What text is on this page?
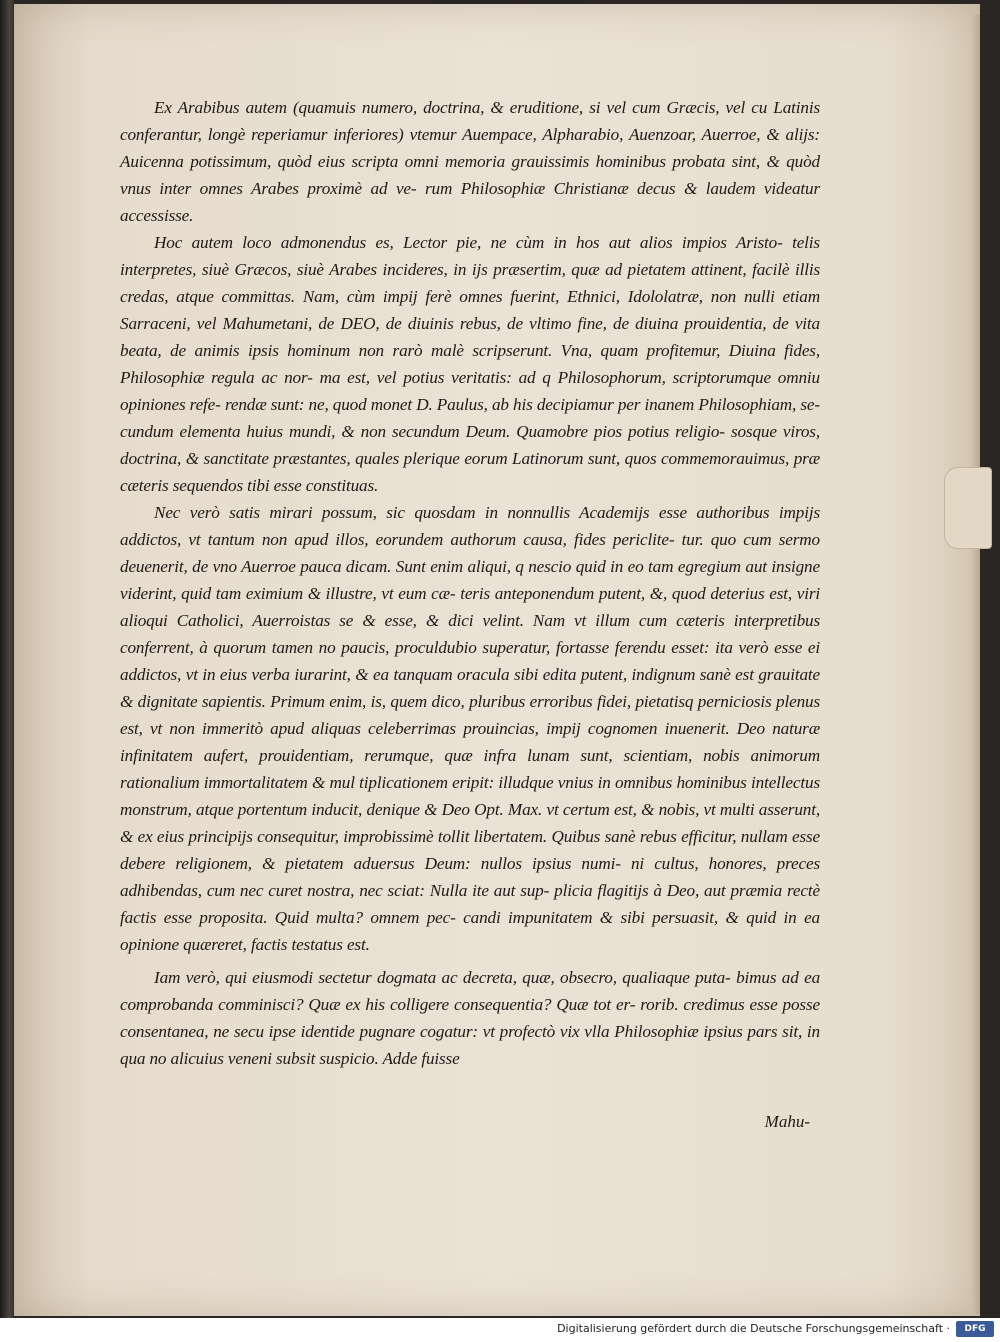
Ex Arabibus autem (quamuis numero, doctrina, & eruditione, si vel cum Græcis, vel cu Latinis conferantur, longè reperiamur inferiores) vtemur Auempace, Alpharabio, Auenzoar, Auerroe, & alijs: Auicenna potissimum, quòd eius scripta omni memoria grauissimis hominibus probata sint, & quòd vnus inter omnes Arabes proximè ad ve- rum Philosophiæ Christianæ decus & laudem videatur accessisse.

Hoc autem loco admonendus es, Lector pie, ne cùm in hos aut alios impios Aristo- telis interpretes, siuè Græcos, siuè Arabes incideres, in ijs præsertim, quæ ad pietatem attinent, facilè illis credas, atque committas. Nam, cùm impij ferè omnes fuerint, Ethnici, Idololatræ, non nulli etiam Sarraceni, vel Mahumetani, de DEO, de diuinis rebus, de vltimo fine, de diuina prouidentia, de vita beata, de animis ipsis hominum non rarò malè scripserunt. Vna, quam profitemur, Diuina fides, Philosophiæ regula ac nor- ma est, vel potius veritatis: ad q Philosophorum, scriptorumque omniu opiniones refe- rendæ sunt: ne, quod monet D. Paulus, ab his decipiamur per inanem Philosophiam, se- cundum elementa huius mundi, & non secundum Deum. Quamobre pios potius religio- sosque viros, doctrina, & sanctitate præstantes, quales plerique eorum Latinorum sunt, quos commemorauimus, præ cæteris sequendos tibi esse constituas.

Nec verò satis mirari possum, sic quosdam in nonnullis Academijs esse authoribus impijs addictos, vt tantum non apud illos, eorundem authorum causa, fides periclite- tur. quo cum sermo deuenerit, de vno Auerroe pauca dicam. Sunt enim aliqui, q nescio quid in eo tam egregium aut insigne viderint, quid tam eximium & illustre, vt eum cæ- teris anteponendum putent, &, quod deterius est, viri alioqui Catholici, Auerroistas se & esse, & dici velint. Nam vt illum cum cæteris interpretibus conferrent, à quorum tamen no paucis, proculdubio superatur, fortasse ferendu esset: ita verò esse ei addictos, vt in eius verba iurarint, & ea tanquam oracula sibi edita putent, indignum sanè est grauitate & dignitate sapientis. Primum enim, is, quem dico, pluribus erroribus fidei, pietatisq perniciosis plenus est, vt non immeritò apud aliquas celeberrimas prouincias, impij cognomen inuenerit. Deo naturæ infinitatem aufert, prouidentiam, rerumque, quæ infra lunam sunt, scientiam, nobis animorum rationalium immortalitatem & mul tiplicationem eripit: illudque vnius in omnibus hominibus intellectus monstrum, atque portentum inducit, denique & Deo Opt. Max. vt certum est, & nobis, vt multi asserunt, & ex eius principijs consequitur, improbissimè tollit libertatem. Quibus sanè rebus efficitur, nullam esse debere religionem, & pietatem aduersus Deum: nullos ipsius numi- ni cultus, honores, preces adhibendas, cum nec curet nostra, nec sciat: Nulla ite aut sup- plicia flagitijs à Deo, aut præmia rectè factis esse proposita. Quid multa? omnem pec- candi impunitatem & sibi persuasit, & quid in ea opinione quæreret, factis testatus est.

Iam verò, qui eiusmodi sectetur dogmata ac decreta, quæ, obsecro, qualiaque puta- bimus ad ea comprobanda comminisci? Quæ ex his colligere consequentia? Quæ tot er- rorib. credimus esse posse consentanea, ne secu ipse identide pugnare cogatur: vt profectò vix vlla Philosophiæ ipsius pars sit, in qua no alicuius veneni subsit suspicio. Adde fuisse

Mahu-
Digitalisierung gefördert durch die Deutsche Forschungsgemeinschaft ·	DFG
